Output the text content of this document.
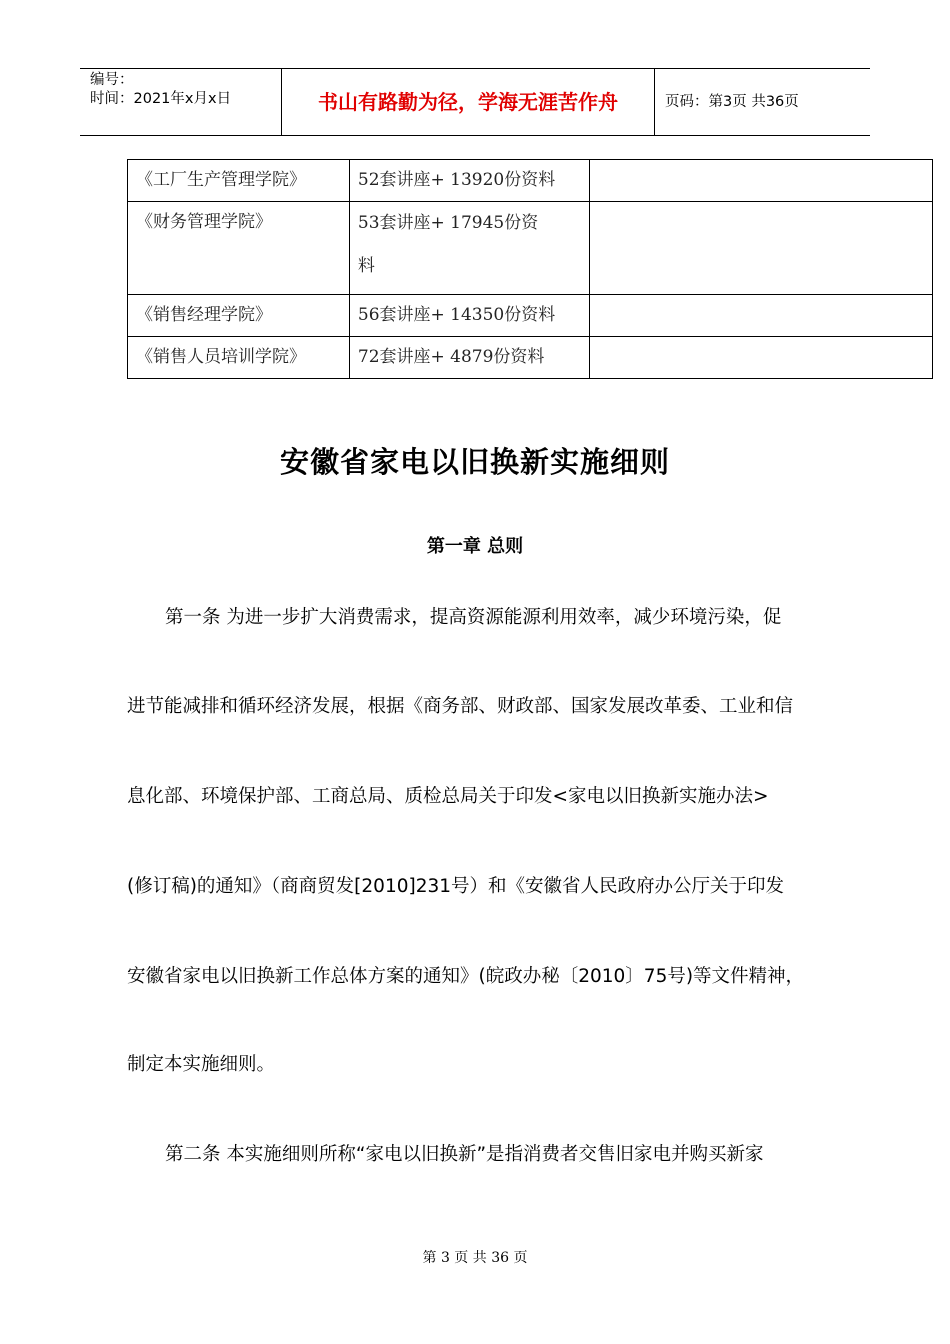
编号：
时间：2021年x月x日	书山有路勤为径，学海无涯苦作舟	页码：第3页 共36页
《工厂生产管理学院》	52套讲座+ 13920份资料	
《财务管理学院》	53套讲座+ 17945份资
料	

《销售经理学院》	56套讲座+ 14350份资料	
《销售人员培训学院》	72套讲座+ 4879份资料	
安徽省家电以旧换新实施细则
第一章 总则
第一条 为进一步扩大消费需求，提高资源能源利用效率，减少环境污染，促
进节能减排和循环经济发展，根据《商务部、财政部、国家发展改革委、工业和信
息化部、环境保护部、工商总局、质检总局关于印发<家电以旧换新实施办法>
(修订稿)的通知》（商商贸发[2010]231号）和《安徽省人民政府办公厅关于印发
安徽省家电以旧换新工作总体方案的通知》(皖政办秘〔2010〕75号)等文件精神，
制定本实施细则。
第二条 本实施细则所称“家电以旧换新”是指消费者交售旧家电并购买新家
第 3 页 共 36 页
